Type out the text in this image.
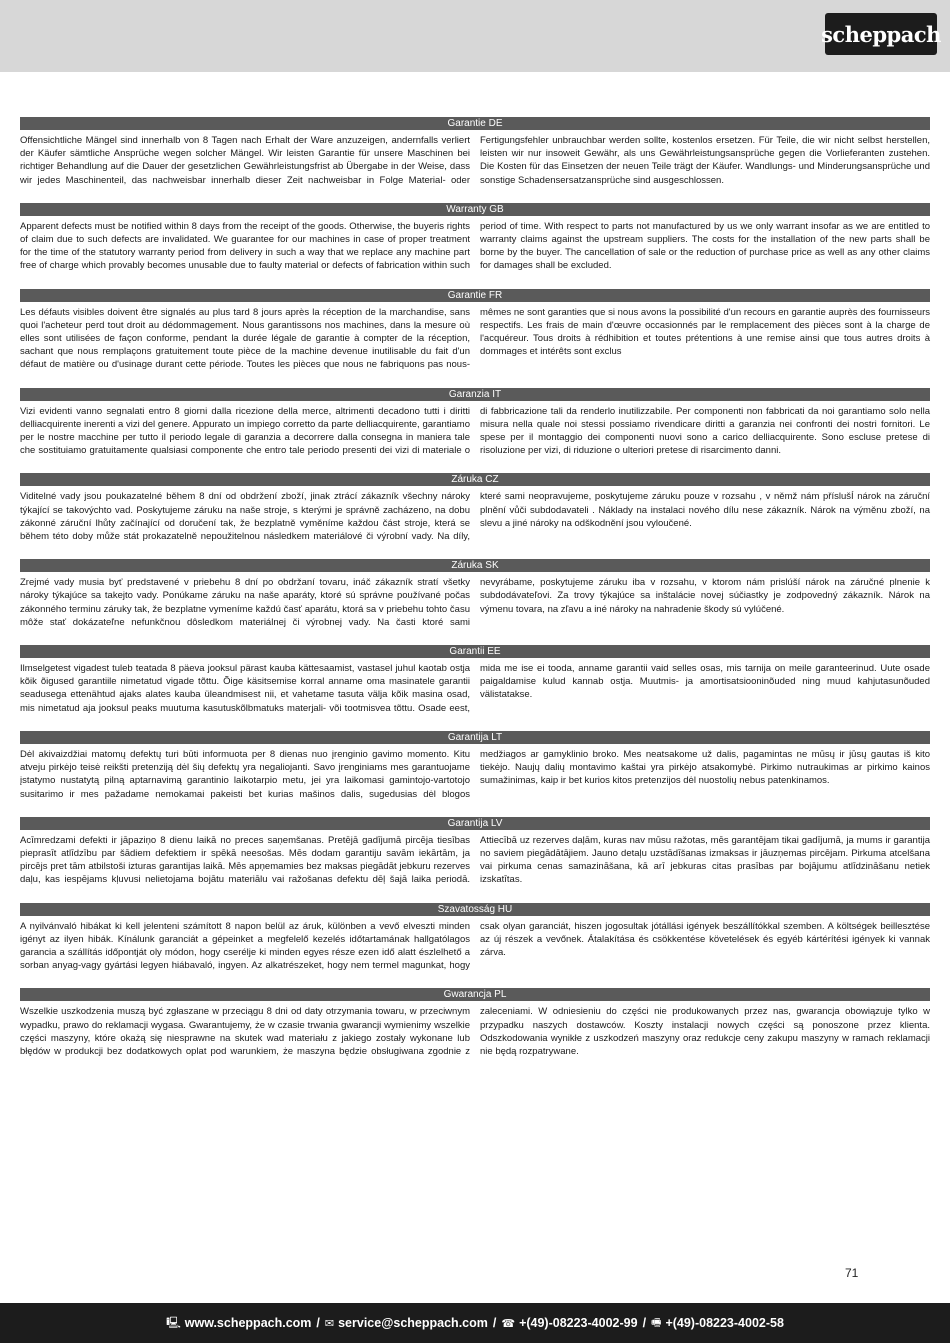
scheppach
Garantie DE
Offensichtliche Mängel sind innerhalb von 8 Tagen nach Erhalt der Ware anzuzeigen, andernfalls verliert der Käufer sämtliche Ansprüche wegen solcher Mängel. Wir leisten Garantie für unsere Maschinen bei richtiger Behandlung auf die Dauer der gesetzlichen Gewährleistungsfrist ab Übergabe in der Weise, dass wir jedes Maschinenteil, das nachweisbar innerhalb dieser Zeit nachweisbar in Folge Material- oder Fertigungsfehler unbrauchbar werden sollte, kostenlos ersetzen. Für Teile, die wir nicht selbst herstellen, leisten wir nur insoweit Gewähr, als uns Gewährleistungsansprüche gegen die Vorlieferanten zustehen. Die Kosten für das Einsetzen der neuen Teile trägt der Käufer. Wandlungs- und Minderungsansprüche und sonstige Schadensersatzansprüche sind ausgeschlossen.
Warranty GB
Apparent defects must be notified within 8 days from the receipt of the goods. Otherwise, the buyeris rights of claim due to such defects are invalidated. We guarantee for our machines in case of proper treatment for the time of the statutory warranty period from delivery in such a way that we replace any machine part free of charge which provably becomes unusable due to faulty material or defects of fabrication within such period of time. With respect to parts not manufactured by us we only warrant insofar as we are entitled to warranty claims against the upstream suppliers. The costs for the installation of the new parts shall be borne by the buyer. The cancellation of sale or the reduction of purchase price as well as any other claims for damages shall be excluded.
Garantie FR
Les défauts visibles doivent être signalés au plus tard 8 jours après la réception de la marchandise, sans quoi l'acheteur perd tout droit au dédommagement. Nous garantissons nos machines, dans la mesure où elles sont utilisées de façon conforme, pendant la durée légale de garantie à compter de la réception, sachant que nous remplaçons gratuitement toute pièce de la machine devenue inutilisable du fait d'un défaut de matière ou d'usinage durant cette période. Toutes les pièces que nous ne fabriquons pas nous-mêmes ne sont garanties que si nous avons la possibilité d'un recours en garantie auprès des fournisseurs respectifs. Les frais de main d'œuvre occasionnés par le remplacement des pièces sont à la charge de l'acquéreur. Tous droits à rédhibition et toutes prétentions à une remise ainsi que tous autres droits à dommages et intérêts sont exclus
Garanzia IT
Vizi evidenti vanno segnalati entro 8 giorni dalla ricezione della merce, altrimenti decadono tutti i diritti delliacquirente inerenti a vizi del genere. Appurato un impiego corretto da parte delliacquirente, garantiamo per le nostre macchine per tutto il periodo legale di garanzia a decorrere dalla consegna in maniera tale che sostituiamo gratuitamente qualsiasi componente che entro tale periodo presenti dei vizi di materiale o di fabbricazione tali da renderlo inutilizzabile. Per componenti non fabbricati da noi garantiamo solo nella misura nella quale noi stessi possiamo rivendicare diritti a garanzia nei confronti dei nostri fornitori. Le spese per il montaggio dei componenti nuovi sono a carico delliacquirente. Sono escluse pretese di risoluzione per vizi, di riduzione o ulteriori pretese di risarcimento danni.
Záruka CZ
Viditelné vady jsou poukazatelné během 8 dní od obdržení zboží, jinak ztrácí zákazník všechny nároky týkající se takovýchto vad. Poskytujeme záruku na naše stroje, s kterými je správně zacházeno, na dobu zákonné záruční lhůty začínající od doručení tak, že bezplatně vyměníme každou část stroje, která se během této doby může stát prokazatelně nepoužitelnou následkem materiálové či výrobní vady. Na díly, které sami neopravujeme, poskytujeme záruku pouze v rozsahu , v němž nám příslušÍ nárok na záruční plnění vůči subdodavateli . Náklady na instalaci nového dílu nese zákazník. Nárok na výměnu zboží, na slevu a jiné nároky na odškodnění jsou vyloučené.
Záruka SK
Zrejmé vady musia byť predstavené v priebehu 8 dní po obdržaní tovaru, ináč zákazník stratí všetky nároky týkajúce sa takejto vady. Ponúkame záruku na naše aparáty, ktoré sú správne používané počas zákonného terminu záruky tak, že bezplatne vymeníme každú časť aparátu, ktorá sa v priebehu tohto času môže stať dokázateľne nefunkčnou dôsledkom materiálnej či výrobnej vady. Na časti ktoré sami nevyrábame, poskytujeme záruku iba v rozsahu, v ktorom nám prislúší nárok na záručné plnenie k subdodávateľovi. Za trovy týkajúce sa inštalácie novej súčiastky je zodpovedný zákazník. Nárok na výmenu tovara, na zľavu a iné nároky na nahradenie škody sú vylúčené.
Garantii EE
Ilmselgetest vigadest tuleb teatada 8 päeva jooksul pärast kauba kättesaamist, vastasel juhul kaotab ostja kõik õigused garantiile nimetatud vigade tõttu. Õige käsitsemise korral anname oma masinatele garantii seadusega ettenähtud ajaks alates kauba üleandmisest nii, et vahetame tasuta välja kõik masina osad, mis nimetatud aja jooksul peaks muutuma kasutuskõlbmatuks materjali- või tootmisvea tõttu. Osade eest, mida me ise ei tooda, anname garantii vaid selles osas, mis tarnija on meile garanteerinud. Uute osade paigaldamise kulud kannab ostja. Muutmis- ja amortisatsiooninõuded ning muud kahjutasunõuded välistatakse.
Garantija LT
Dėl akivaizdžiai matomų defektų turi būti informuota per 8 dienas nuo įrenginio gavimo momento. Kitu atveju pirkėjo teisė reikšti pretenziją dėl šių defektų yra negaliojanti. Savo įrenginiams mes garantuojame įstatymo nustatytą pilną aptarnavimą garantinio laikotarpio metu, jei yra laikomasi gamintojo-vartotojo susitarimo ir mes pažadame nemokamai pakeisti bet kurias mašinos dalis, sugedusias dėl blogos medžiagos ar gamyklinio broko. Mes neatsakome už dalis, pagamintas ne mūsų ir jūsų gautas iš kito tiekėjo. Naujų dalių montavimo kaštai yra pirkėjo atsakomybė. Pirkimo nutraukimas ar pirkimo kainos sumažinimas, kaip ir bet kurios kitos pretenzijos dėl nuostolių nebus patenkinamos.
Garantija LV
Acīmredzami defekti ir jāpaziņo 8 dienu laikā no preces saņemšanas. Pretējā gadījumā pircēja tiesības pieprasīt atlīdzību par šādiem defektiem ir spēkā neesošas. Mēs dodam garantiju savām iekārtām, ja pircējs pret tām atbilstoši izturas garantijas laikā. Mēs apņemamies bez maksas piegādāt jebkuru rezerves daļu, kas iespējams kļuvusi nelietojama bojātu materiālu vai ražošanas defektu dēļ šajā laika periodā. Attiecībā uz rezerves daļām, kuras nav mūsu ražotas, mēs garantējam tikai gadījumā, ja mums ir garantija no saviem piegādātājiem. Jauno detaļu uzstādīšanas izmaksas ir jāuzņemas pircējam. Pirkuma atcelšana vai pirkuma cenas samazināšana, kā arī jebkuras citas prasības par bojājumu atlīdzināšanu netiek izskatītas.
Szavatosság HU
A nyilvánvaló hibákat ki kell jelenteni számított 8 napon belül az áruk, különben a vevő elveszti minden igényt az ilyen hibák. Kínálunk garanciát a gépeinket a megfelelő kezelés időtartamának hallgatólagos garancia a szállítás időpontját oly módon, hogy cserélje ki minden egyes része ezen idő alatt észlelhető a sorban anyag-vagy gyártási legyen hiábavaló, ingyen. Az alkatrészeket, hogy nem termel magunkat, hogy csak olyan garanciát, hiszen jogosultak jótállási igények beszállítókkal szemben. A költségek beillesztése az új részek a vevőnek. Átalakítása és csökkentése követelések és egyéb kártérítési igények ki vannak zárva.
Gwarancja PL
Wszelkie uszkodzenia muszą być zgłaszane w przeciągu 8 dni od daty otrzymania towaru, w przeciwnym wypadku, prawo do reklamacji wygasa. Gwarantujemy, że w czasie trwania gwarancji wymienimy wszelkie części maszyny, które okażą się niesprawne na skutek wad materiału z jakiego zostały wykonane lub błędów w produkcji bez dodatkowych oplat pod warunkiem, że maszyna będzie obsługiwana zgodnie z zaleceniami. W odniesieniu do części nie produkowanych przez nas, gwarancja obowiązuje tylko w przypadku naszych dostawców. Koszty instalacji nowych części są ponoszone przez klienta. Odszkodowania wynikłe z uszkodzeń maszyny oraz redukcje ceny zakupu maszyny w ramach reklamacji nie będą rozpatrywane.
71
🖳 www.scheppach.com / ✉ service@scheppach.com / ☎ +(49)-08223-4002-99 / 🖷 +(49)-08223-4002-58
